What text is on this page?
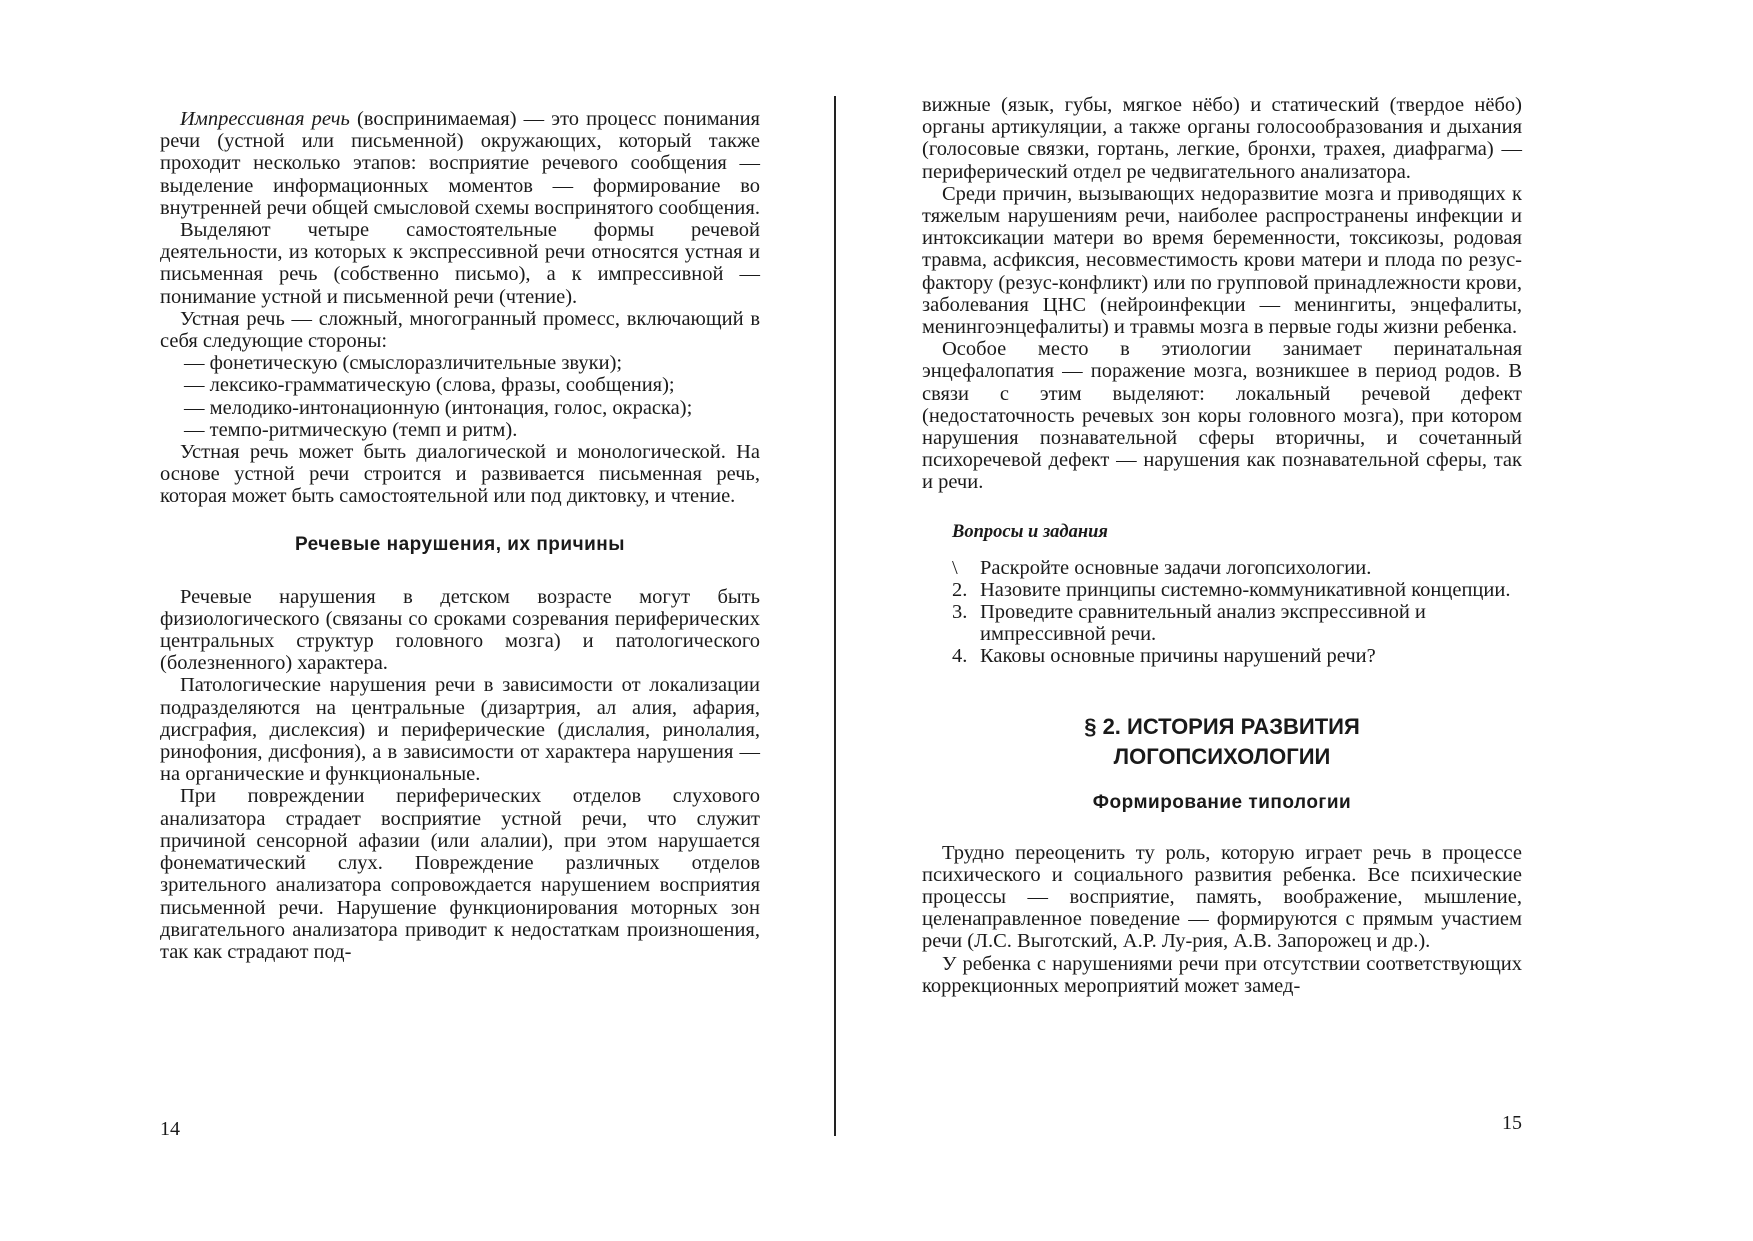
Импрессивная речь (воспринимаемая) — это процесс понимания речи (устной или письменной) окружающих, который также проходит несколько этапов: восприятие речевого сообщения — выделение информационных моментов — формирование во внутренней речи общей смысловой схемы воспринятого сообщения.

Выделяют четыре самостоятельные формы речевой деятельности, из которых к экспрессивной речи относятся устная и письменная речь (собственно письмо), а к импрессивной — понимание устной и письменной речи (чтение).

Устная речь — сложный, многогранный промесс, включающий в себя следующие стороны:

— фонетическую (смыслоразличительные звуки);
— лексико-грамматическую (слова, фразы, сообщения);
— мелодико-интонационную (интонация, голос, окраска);
— темпо-ритмическую (темп и ритм).

Устная речь может быть диалогической и монологической. На основе устной речи строится и развивается письменная речь, которая может быть самостоятельной или под диктовку, и чтение.

Речевые нарушения, их причины

Речевые нарушения в детском возрасте могут быть физиологического (связаны со сроками созревания периферических центральных структур головного мозга) и патологического (болезненного) характера.

Патологические нарушения речи в зависимости от локализации подразделяются на центральные (дизартрия, ал алия, афария, дисграфия, дислексия) и периферические (дислалия, ринолалия, ринофония, дисфония), а в зависимости от характера нарушения — на органические и функциональные.

При повреждении периферических отделов слухового анализатора страдает восприятие устной речи, что служит причиной сенсорной афазии (или алалии), при этом нарушается фонематический слух. Повреждение различных отделов зрительного анализатора сопровождается нарушением восприятия письменной речи. Нарушение функционирования моторных зон двигательного анализатора приводит к недостаткам произношения, так как страдают под-

14

вижные (язык, губы, мягкое нёбо) и статический (твердое нёбо) органы артикуляции, а также органы голосообразования и дыхания (голосовые связки, гортань, легкие, бронхи, трахея, диафрагма) — периферический отдел ре чедвигательного анализатора.

Среди причин, вызывающих недоразвитие мозга и приводящих к тяжелым нарушениям речи, наиболее распространены инфекции и интоксикации матери во время беременности, токсикозы, родовая травма, асфиксия, несовместимость крови матери и плода по резус-фактору (резус-конфликт) или по групповой принадлежности крови, заболевания ЦНС (нейроинфекции — менингиты, энцефалиты, менингоэнцефалиты) и травмы мозга в первые годы жизни ребенка.

Особое место в этиологии занимает перинатальная энцефалопатия — поражение мозга, возникшее в период родов. В связи с этим выделяют: локальный речевой дефект (недостаточность речевых зон коры головного мозга), при котором нарушения познавательной сферы вторичны, и сочетанный психоречевой дефект — нарушения как познавательной сферы, так и речи.

Вопросы и задания
\	Раскройте основные задачи логопсихологии.
2. Назовите принципы системно-коммуникативной концепции.
3. Проведите сравнительный анализ экспрессивной и импрессивной речи.
4. Каковы основные причины нарушений речи?
§ 2. ИСТОРИЯ РАЗВИТИЯ
ЛОГОПСИХОЛОГИИ
Формирование типологии

Трудно переоценить ту роль, которую играет речь в процессе психического и социального развития ребенка. Все психические процессы — восприятие, память, воображение, мышление, целенаправленное поведение — формируются с прямым участием речи (Л.С. Выготский, А.Р. Лу-рия, А.В. Запорожец и др.).

У ребенка с нарушениями речи при отсутствии соответствующих коррекционных мероприятий может замед-

15
